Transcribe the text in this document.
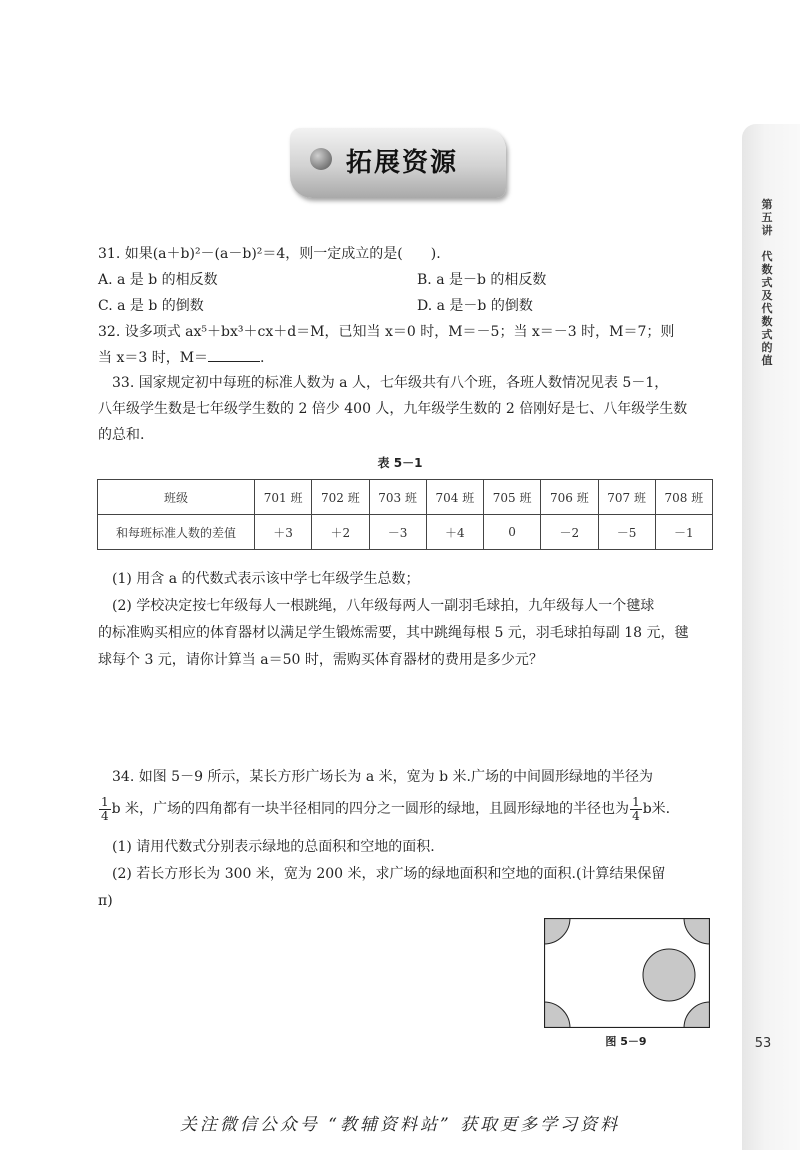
第
五
讲

代
数
式
及
代
数
式
的
值
53
拓展资源
31. 如果(a＋b)²－(a－b)²＝4，则一定成立的是(　　).
A. a 是 b 的相反数	B. a 是－b 的相反数
C. a 是 b 的倒数	D. a 是－b 的倒数
32. 设多项式 ax⁵＋bx³＋cx＋d＝M，已知当 x＝0 时，M＝－5；当 x＝－3 时，M＝7；则
当 x＝3 时，M＝	.
33. 国家规定初中每班的标准人数为 a 人，七年级共有八个班，各班人数情况见表 5－1，
八年级学生数是七年级学生数的 2 倍少 400 人，九年级学生数的 2 倍刚好是七、八年级学生数
的总和.
表 5－1
班级	701 班	702 班	703 班	704 班	705 班	706 班	707 班	708 班
和每班标准人数的差值	＋3	＋2	－3	＋4	0	－2	－5	－1
(1) 用含 a 的代数式表示该中学七年级学生总数；
(2) 学校决定按七年级每人一根跳绳，八年级每两人一副羽毛球拍，九年级每人一个毽球
的标准购买相应的体育器材以满足学生锻炼需要，其中跳绳每根 5 元，羽毛球拍每副 18 元，毽
球每个 3 元，请你计算当 a＝50 时，需购买体育器材的费用是多少元？
34. 如图 5－9 所示，某长方形广场长为 a 米，宽为 b 米.广场的中间圆形绿地的半径为
$\frac{1}{4}$ b 米，广场的四角都有一块半径相同的四分之一圆形的绿地，且圆形绿地的半径也为 $\frac{1}{4}$ b米.
(1) 请用代数式分别表示绿地的总面积和空地的面积.
(2) 若长方形长为 300 米，宽为 200 米，求广场的绿地面积和空地的面积.(计算结果保留
π)
图 5－9
关注微信公众号 “教辅资料站” 获取更多学习资料
